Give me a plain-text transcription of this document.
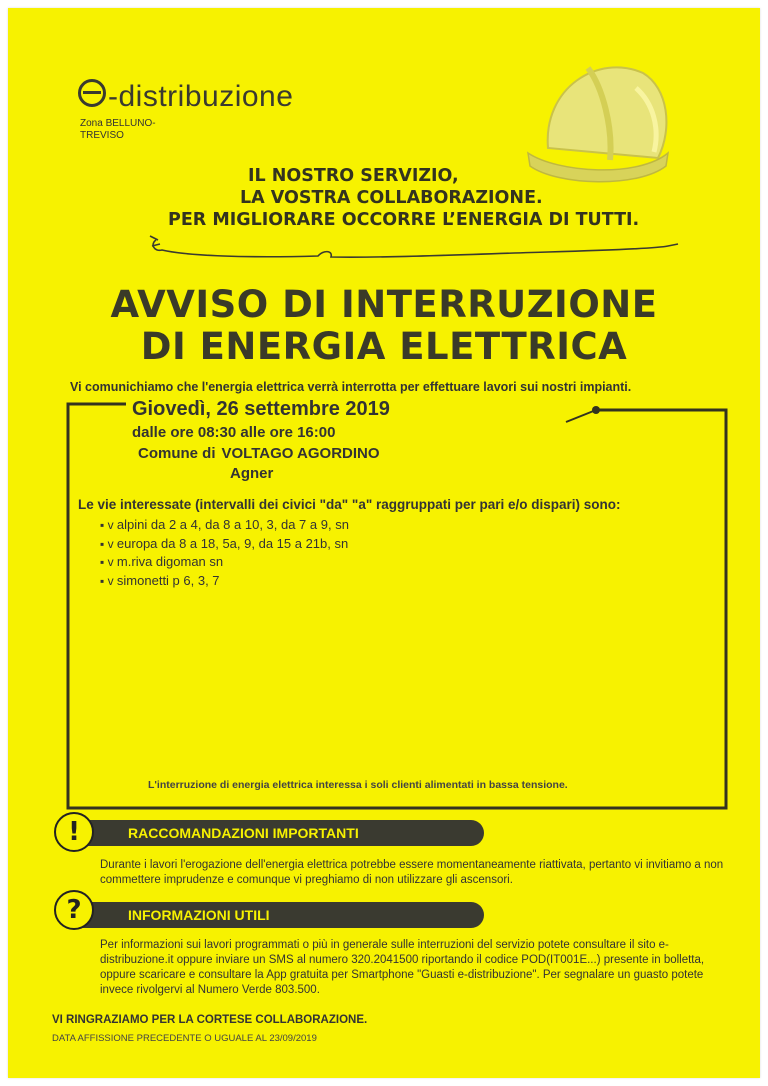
-distribuzione
Zona BELLUNO-TREVISO
IL NOSTRO SERVIZIO,
LA VOSTRA COLLABORAZIONE.
PER MIGLIORARE OCCORRE L’ENERGIA DI TUTTI.
AVVISO DI INTERRUZIONE
DI ENERGIA ELETTRICA
Vi comunichiamo che l'energia elettrica verrà interrotta per effettuare lavori sui nostri impianti.
Giovedì, 26 settembre 2019
dalle ore 08:30 alle ore 16:00
Comune di VOLTAGO AGORDINO
Agner
Le vie interessate (intervalli dei civici "da" "a" raggruppati per pari e/o dispari) sono:
▪ v alpini da 2 a 4, da 8 a 10, 3, da 7 a 9, sn
▪ v europa da 8 a 18, 5a, 9, da 15 a 21b, sn
▪ v m.riva digoman sn
▪ v simonetti p 6, 3, 7
L'interruzione di energia elettrica interessa i soli clienti alimentati in bassa tensione.
!	RACCOMANDAZIONI IMPORTANTI
Durante i lavori l'erogazione dell'energia elettrica potrebbe essere momentaneamente riattivata, pertanto vi invitiamo a non commettere imprudenze e comunque vi preghiamo di non utilizzare gli ascensori.
?	INFORMAZIONI UTILI
Per informazioni sui lavori programmati o più in generale sulle interruzioni del servizio potete consultare il sito e-distribuzione.it oppure inviare un SMS al numero 320.2041500 riportando il codice POD(IT001E...) presente in bolletta, oppure scaricare e consultare la App gratuita per Smartphone "Guasti e-distribuzione". Per segnalare un guasto potete invece rivolgervi al Numero Verde 803.500.
VI RINGRAZIAMO PER LA CORTESE COLLABORAZIONE.
DATA AFFISSIONE PRECEDENTE O UGUALE AL 23/09/2019
